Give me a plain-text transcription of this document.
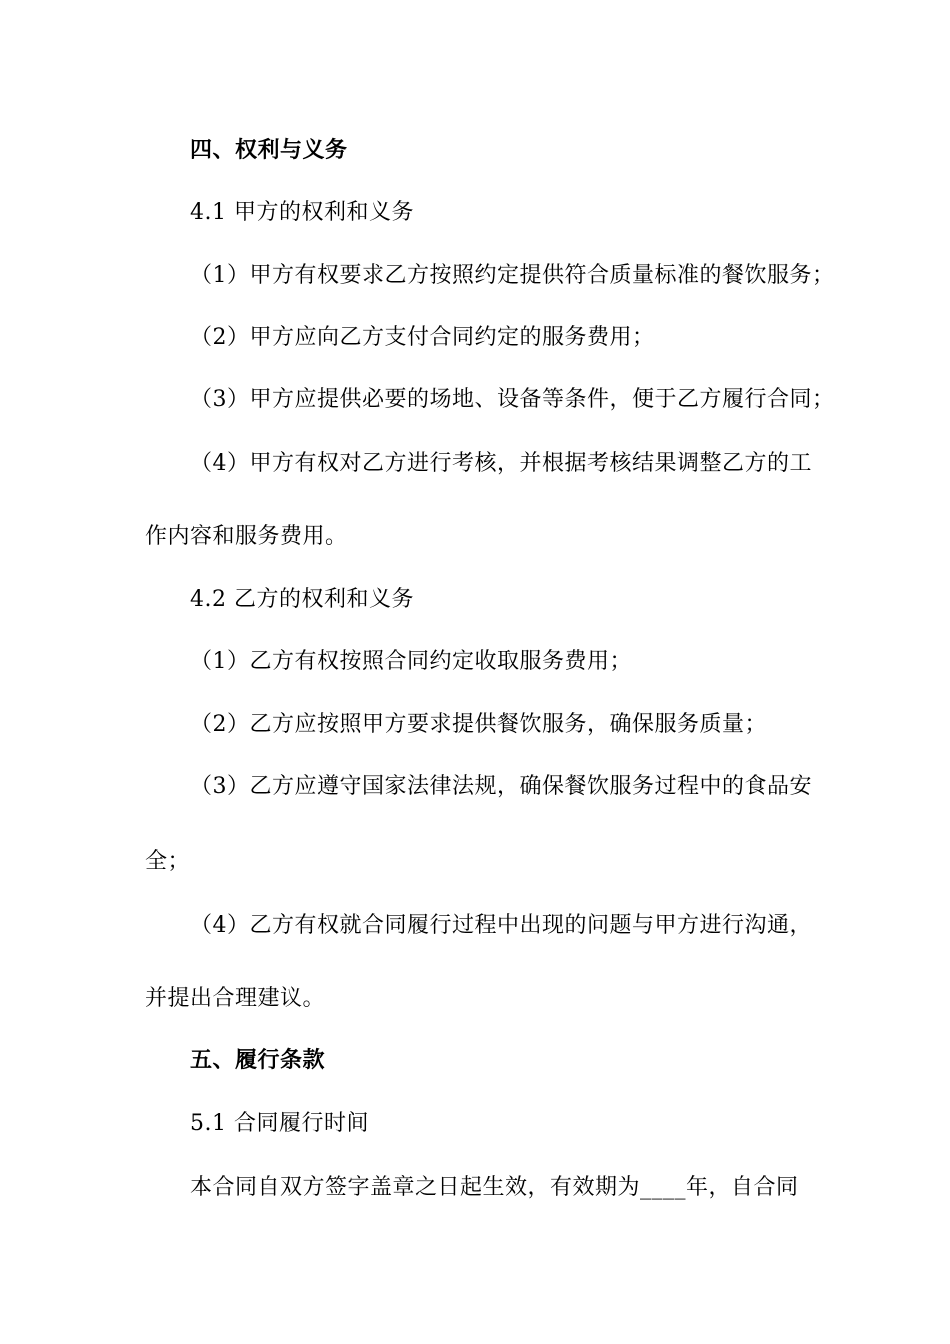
四、权利与义务
4.1 甲方的权利和义务
（1）甲方有权要求乙方按照约定提供符合质量标准的餐饮服务；
（2）甲方应向乙方支付合同约定的服务费用；
（3）甲方应提供必要的场地、设备等条件，便于乙方履行合同；
（4）甲方有权对乙方进行考核，并根据考核结果调整乙方的工
作内容和服务费用。
4.2 乙方的权利和义务
（1）乙方有权按照合同约定收取服务费用；
（2）乙方应按照甲方要求提供餐饮服务，确保服务质量；
（3）乙方应遵守国家法律法规，确保餐饮服务过程中的食品安
全；
（4）乙方有权就合同履行过程中出现的问题与甲方进行沟通，
并提出合理建议。
五、履行条款
5.1 合同履行时间
本合同自双方签字盖章之日起生效，有效期为____年，自合同
